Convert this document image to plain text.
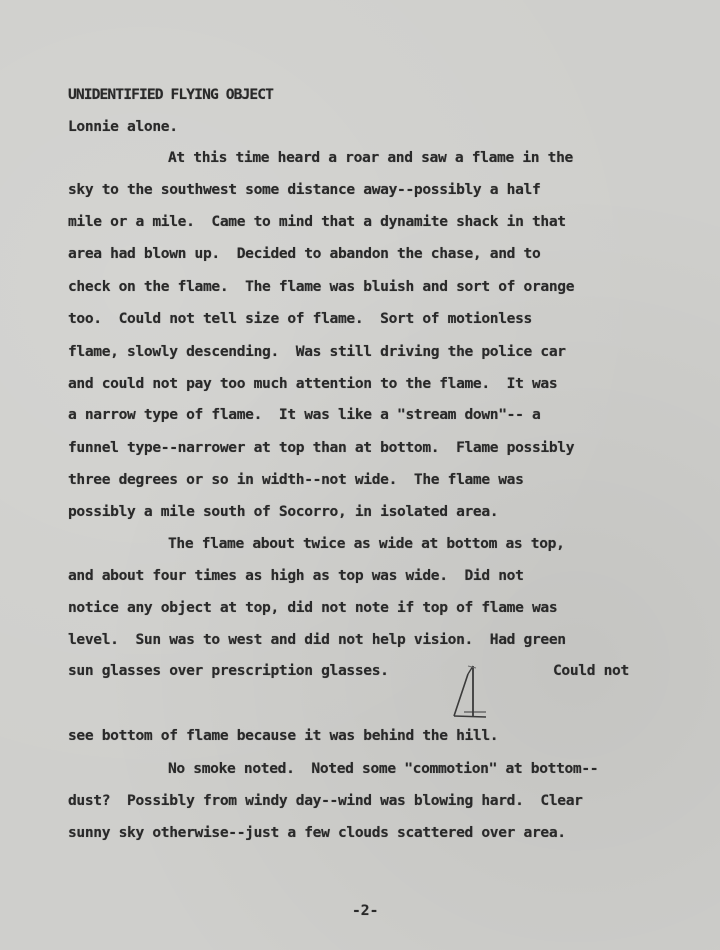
UNIDENTIFIED FLYING OBJECT
Lonnie alone.
At this time heard a roar and saw a flame in the
sky to the southwest some distance away--possibly a half
mile or a mile.  Came to mind that a dynamite shack in that
area had blown up.  Decided to abandon the chase, and to
check on the flame.  The flame was bluish and sort of orange
too.  Could not tell size of flame.  Sort of motionless
flame, slowly descending.  Was still driving the police car
and could not pay too much attention to the flame.  It was
a narrow type of flame.  It was like a "stream down"-- a
funnel type--narrower at top than at bottom.  Flame possibly
three degrees or so in width--not wide.  The flame was
possibly a mile south of Socorro, in isolated area.
The flame about twice as wide at bottom as top,
and about four times as high as top was wide.  Did not
notice any object at top, did not note if top of flame was
level.  Sun was to west and did not help vision.  Had green
sun glasses over prescription glasses.	Could not
see bottom of flame because it was behind the hill.
No smoke noted.  Noted some "commotion" at bottom--
dust?  Possibly from windy day--wind was blowing hard.  Clear
sunny sky otherwise--just a few clouds scattered over area.
-2-
